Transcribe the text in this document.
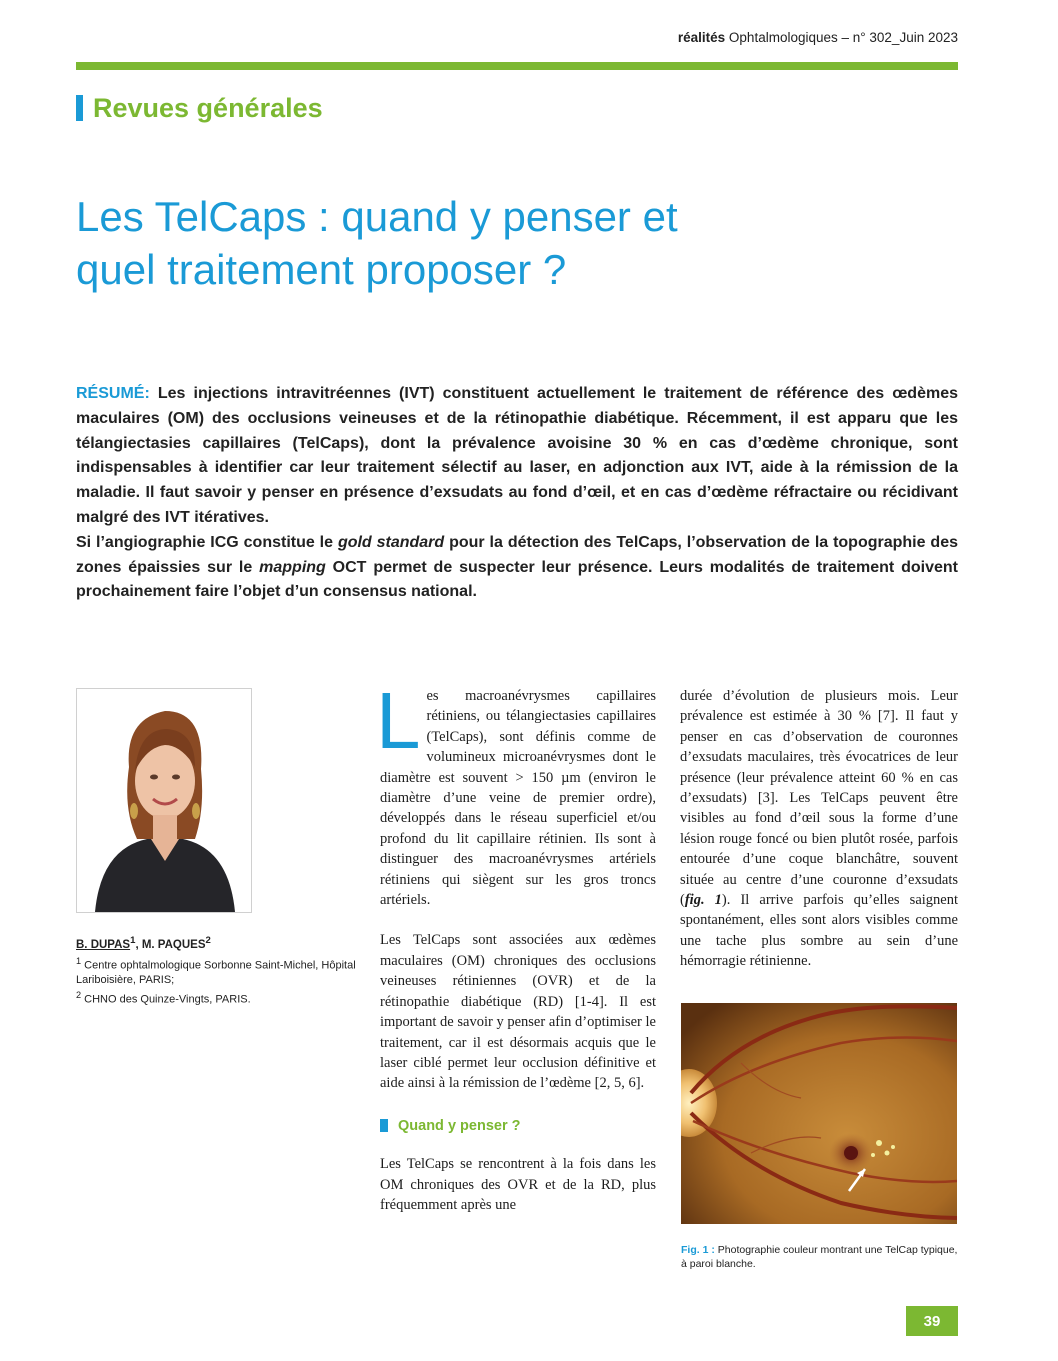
réalités Ophtalmologiques – n° 302_Juin 2023
Revues générales
Les TelCaps : quand y penser et
quel traitement proposer ?

RÉSUMÉ: Les injections intravitréennes (IVT) constituent actuellement le traitement de référence des œdèmes maculaires (OM) des occlusions veineuses et de la rétinopathie diabétique. Récemment, il est apparu que les télangiectasies capillaires (TelCaps), dont la prévalence avoisine 30 % en cas d’œdème chronique, sont indispensables à identifier car leur traitement sélectif au laser, en adjonction aux IVT, aide à la rémission de la maladie. Il faut savoir y penser en présence d’exsudats au fond d’œil, et en cas d’œdème réfractaire ou récidivant malgré des IVT itératives.

Si l’angiographie ICG constitue le gold standard pour la détection des TelCaps, l’observation de la topographie des zones épaissies sur le mapping OCT permet de suspecter leur présence. Leurs modalités de traitement doivent prochainement faire l’objet d’un consensus national.

B. DUPAS$^1$, M. PAQUES$^2$
$^1$ Centre ophtalmologique Sorbonne Saint-Michel, Hôpital Lariboisière, PARIS;
$^2$ CHNO des Quinze-Vingts, PARIS.

Les macroanévrysmes capillaires rétiniens, ou télangiectasies capillaires (TelCaps), sont définis comme de volumineux microanévrysmes dont le diamètre est souvent > 150 µm (environ le diamètre d’une veine de premier ordre), développés dans le réseau superficiel et/ou profond du lit capillaire rétinien. Ils sont à distinguer des macroanévrysmes artériels rétiniens qui siègent sur les gros troncs artériels.

Les TelCaps sont associées aux œdèmes maculaires (OM) chroniques des occlusions veineuses rétiniennes (OVR) et de la rétinopathie diabétique (RD) [1-4]. Il est important de savoir y penser afin d’optimiser le traitement, car il est désormais acquis que le laser ciblé permet leur occlusion définitive et aide ainsi à la rémission de l’œdème [2, 5, 6].

Quand y penser ?

Les TelCaps se rencontrent à la fois dans les OM chroniques des OVR et de la RD, plus fréquemment après une

durée d’évolution de plusieurs mois. Leur prévalence est estimée à 30 % [7]. Il faut y penser en cas d’observation de couronnes d’exsudats maculaires, très évocatrices de leur présence (leur prévalence atteint 60 % en cas d’exsudats) [3]. Les TelCaps peuvent être visibles au fond d’œil sous la forme d’une lésion rouge foncé ou bien plutôt rosée, parfois entourée d’une coque blanchâtre, souvent située au centre d’une couronne d’exsudats (fig. 1). Il arrive parfois qu’elles saignent spontanément, elles sont alors visibles comme une tache plus sombre au sein d’une hémorragie rétinienne.

Fig. 1 : Photographie couleur montrant une TelCap typique, à paroi blanche.
39
